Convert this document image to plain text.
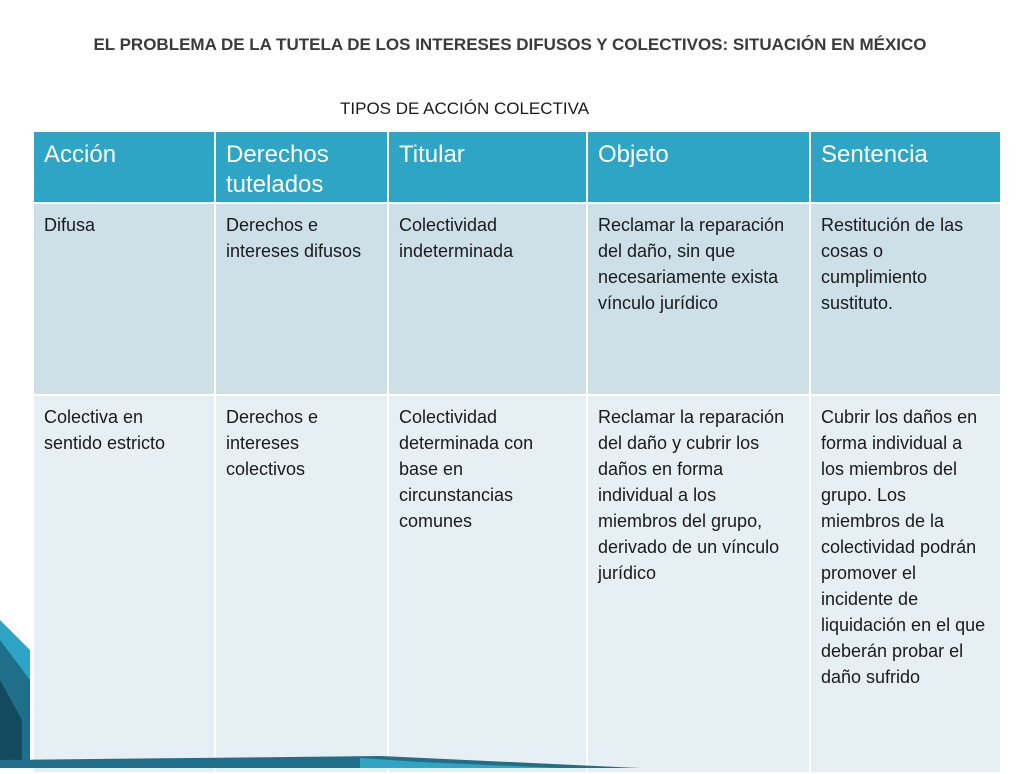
EL PROBLEMA DE LA TUTELA DE LOS INTERESES DIFUSOS Y COLECTIVOS: SITUACIÓN EN MÉXICO
TIPOS DE ACCIÓN COLECTIVA
Acción	Derechos tutelados	Titular	Objeto	Sentencia
Difusa	Derechos e intereses difusos	Colectividad indeterminada	Reclamar la reparación del daño, sin que necesariamente exista vínculo jurídico	Restitución de las cosas o cumplimiento sustituto.
Colectiva en sentido estricto	Derechos e intereses colectivos	Colectividad determinada con base en circunstancias comunes	Reclamar la reparación del daño y cubrir los daños en forma individual a los miembros del grupo, derivado de un vínculo jurídico	Cubrir los daños en forma individual a los miembros del grupo. Los miembros de la colectividad podrán promover el incidente de liquidación en el que deberán probar el daño sufrido
